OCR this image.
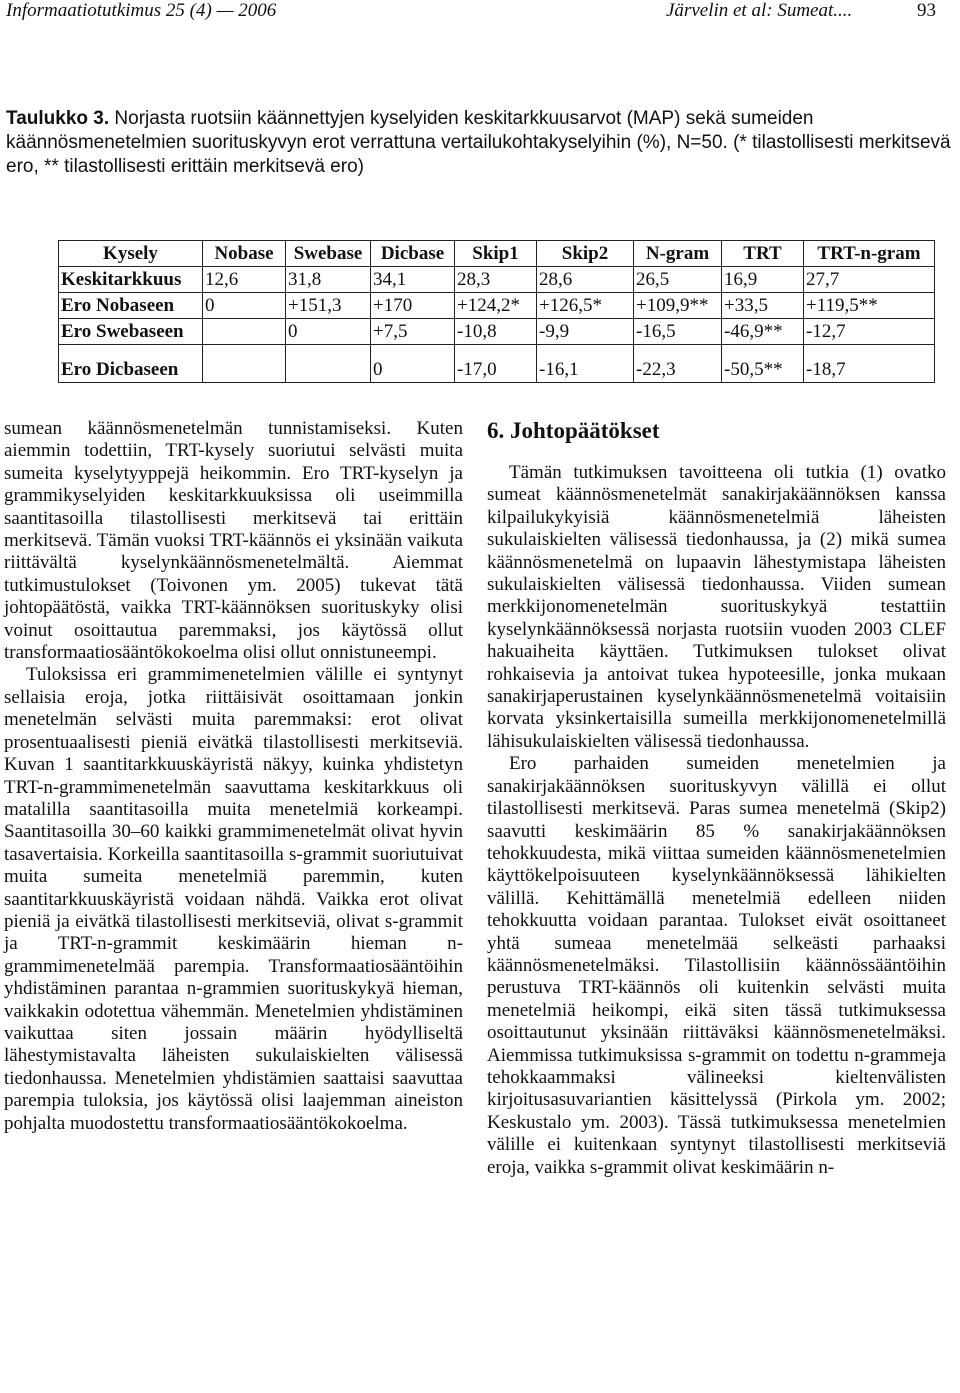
Informaatiotutkimus 25 (4) — 2006	Järvelin et al: Sumeat....	93
Taulukko 3. Norjasta ruotsiin käännettyjen kyselyiden keskitarkkuusarvot (MAP) sekä sumeiden käännösmenetelmien suorituskyvyn erot verrattuna vertailukohtakyselyihin (%), N=50. (* tilastollisesti merkitsevä ero, ** tilastollisesti erittäin merkitsevä ero)
Kysely	Nobase	Swebase	Dicbase	Skip1	Skip2	N-gram	TRT	TRT-n-gram
Keskitarkkuus	12,6	31,8	34,1	28,3	28,6	26,5	16,9	27,7
Ero Nobaseen	0	+151,3	+170	+124,2*	+126,5*	+109,9**	+33,5	+119,5**
Ero Swebaseen		0	+7,5	-10,8	-9,9	-16,5	-46,9**	-12,7

Ero Dicbaseen			0	-17,0	-16,1	-22,3	-50,5**	-18,7

sumean käännösmenetelmän tunnistamiseksi. Kuten aiemmin todettiin, TRT-kysely suoriutui selvästi muita sumeita kyselytyyppejä heikommin. Ero TRT-kyselyn ja grammikyselyiden keskitarkkuuksissa oli useimmilla saantitasoilla tilastollisesti merkitsevä tai erittäin merkitsevä. Tämän vuoksi TRT-käännös ei yksinään vaikuta riittävältä kyselynkäännösmenetelmältä. Aiemmat tutkimustulokset (Toivonen ym. 2005) tukevat tätä johtopäätöstä, vaikka TRT-käännöksen suorituskyky olisi voinut osoittautua paremmaksi, jos käytössä ollut transformaatiosääntökokoelma olisi ollut onnistuneempi.

Tuloksissa eri grammimenetelmien välille ei syntynyt sellaisia eroja, jotka riittäisivät osoittamaan jonkin menetelmän selvästi muita paremmaksi: erot olivat prosentuaalisesti pieniä eivätkä tilastollisesti merkitseviä. Kuvan 1 saantitarkkuuskäyristä näkyy, kuinka yhdistetyn TRT-n-grammimenetelmän saavuttama keskitarkkuus oli matalilla saantitasoilla muita menetelmiä korkeampi. Saantitasoilla 30–60 kaikki grammimenetelmät olivat hyvin tasavertaisia. Korkeilla saantitasoilla s-grammit suoriutuivat muita sumeita menetelmiä paremmin, kuten saantitarkkuuskäyristä voidaan nähdä. Vaikka erot olivat pieniä ja eivätkä tilastollisesti merkitseviä, olivat s-grammit ja TRT-n-grammit keskimäärin hieman n-grammimenetelmää parempia. Transformaatiosääntöihin yhdistäminen parantaa n-grammien suorituskykyä hieman, vaikkakin odotettua vähemmän. Menetelmien yhdistäminen vaikuttaa siten jossain määrin hyödylliseltä lähestymistavalta läheisten sukulaiskielten välisessä tiedonhaussa. Menetelmien yhdistämien saattaisi saavuttaa parempia tuloksia, jos käytössä olisi laajemman aineiston pohjalta muodostettu transformaatiosääntökokoelma.

6. Johtopäätökset

Tämän tutkimuksen tavoitteena oli tutkia (1) ovatko sumeat käännösmenetelmät sanakirjakäännöksen kanssa kilpailukykyisiä käännösmenetelmiä läheisten sukulaiskielten välisessä tiedonhaussa, ja (2) mikä sumea käännösmenetelmä on lupaavin lähestymistapa läheisten sukulaiskielten välisessä tiedonhaussa. Viiden sumean merkkijonomenetelmän suorituskykyä testattiin kyselynkäännöksessä norjasta ruotsiin vuoden 2003 CLEF hakuaiheita käyttäen. Tutkimuksen tulokset olivat rohkaisevia ja antoivat tukea hypoteesille, jonka mukaan sanakirjaperustainen kyselynkäännösmenetelmä voitaisiin korvata yksinkertaisilla sumeilla merkkijonomenetelmillä lähisukulaiskielten välisessä tiedonhaussa.

Ero parhaiden sumeiden menetelmien ja sanakirjakäännöksen suorituskyvyn välillä ei ollut tilastollisesti merkitsevä. Paras sumea menetelmä (Skip2) saavutti keskimäärin 85 % sanakirjakäännöksen tehokkuudesta, mikä viittaa sumeiden käännösmenetelmien käyttökelpoisuuteen kyselynkäännöksessä lähikielten välillä. Kehittämällä menetelmiä edelleen niiden tehokkuutta voidaan parantaa. Tulokset eivät osoittaneet yhtä sumeaa menetelmää selkeästi parhaaksi käännösmenetelmäksi. Tilastollisiin käännössääntöihin perustuva TRT-käännös oli kuitenkin selvästi muita menetelmiä heikompi, eikä siten tässä tutkimuksessa osoittautunut yksinään riittäväksi käännösmenetelmäksi. Aiemmissa tutkimuksissa s-grammit on todettu n-grammeja tehokkaammaksi välineeksi kieltenvälisten kirjoitusasuvariantien käsittelyssä (Pirkola ym. 2002; Keskustalo ym. 2003). Tässä tutkimuksessa menetelmien välille ei kuitenkaan syntynyt tilastollisesti merkitseviä eroja, vaikka s-grammit olivat keskimäärin n-
